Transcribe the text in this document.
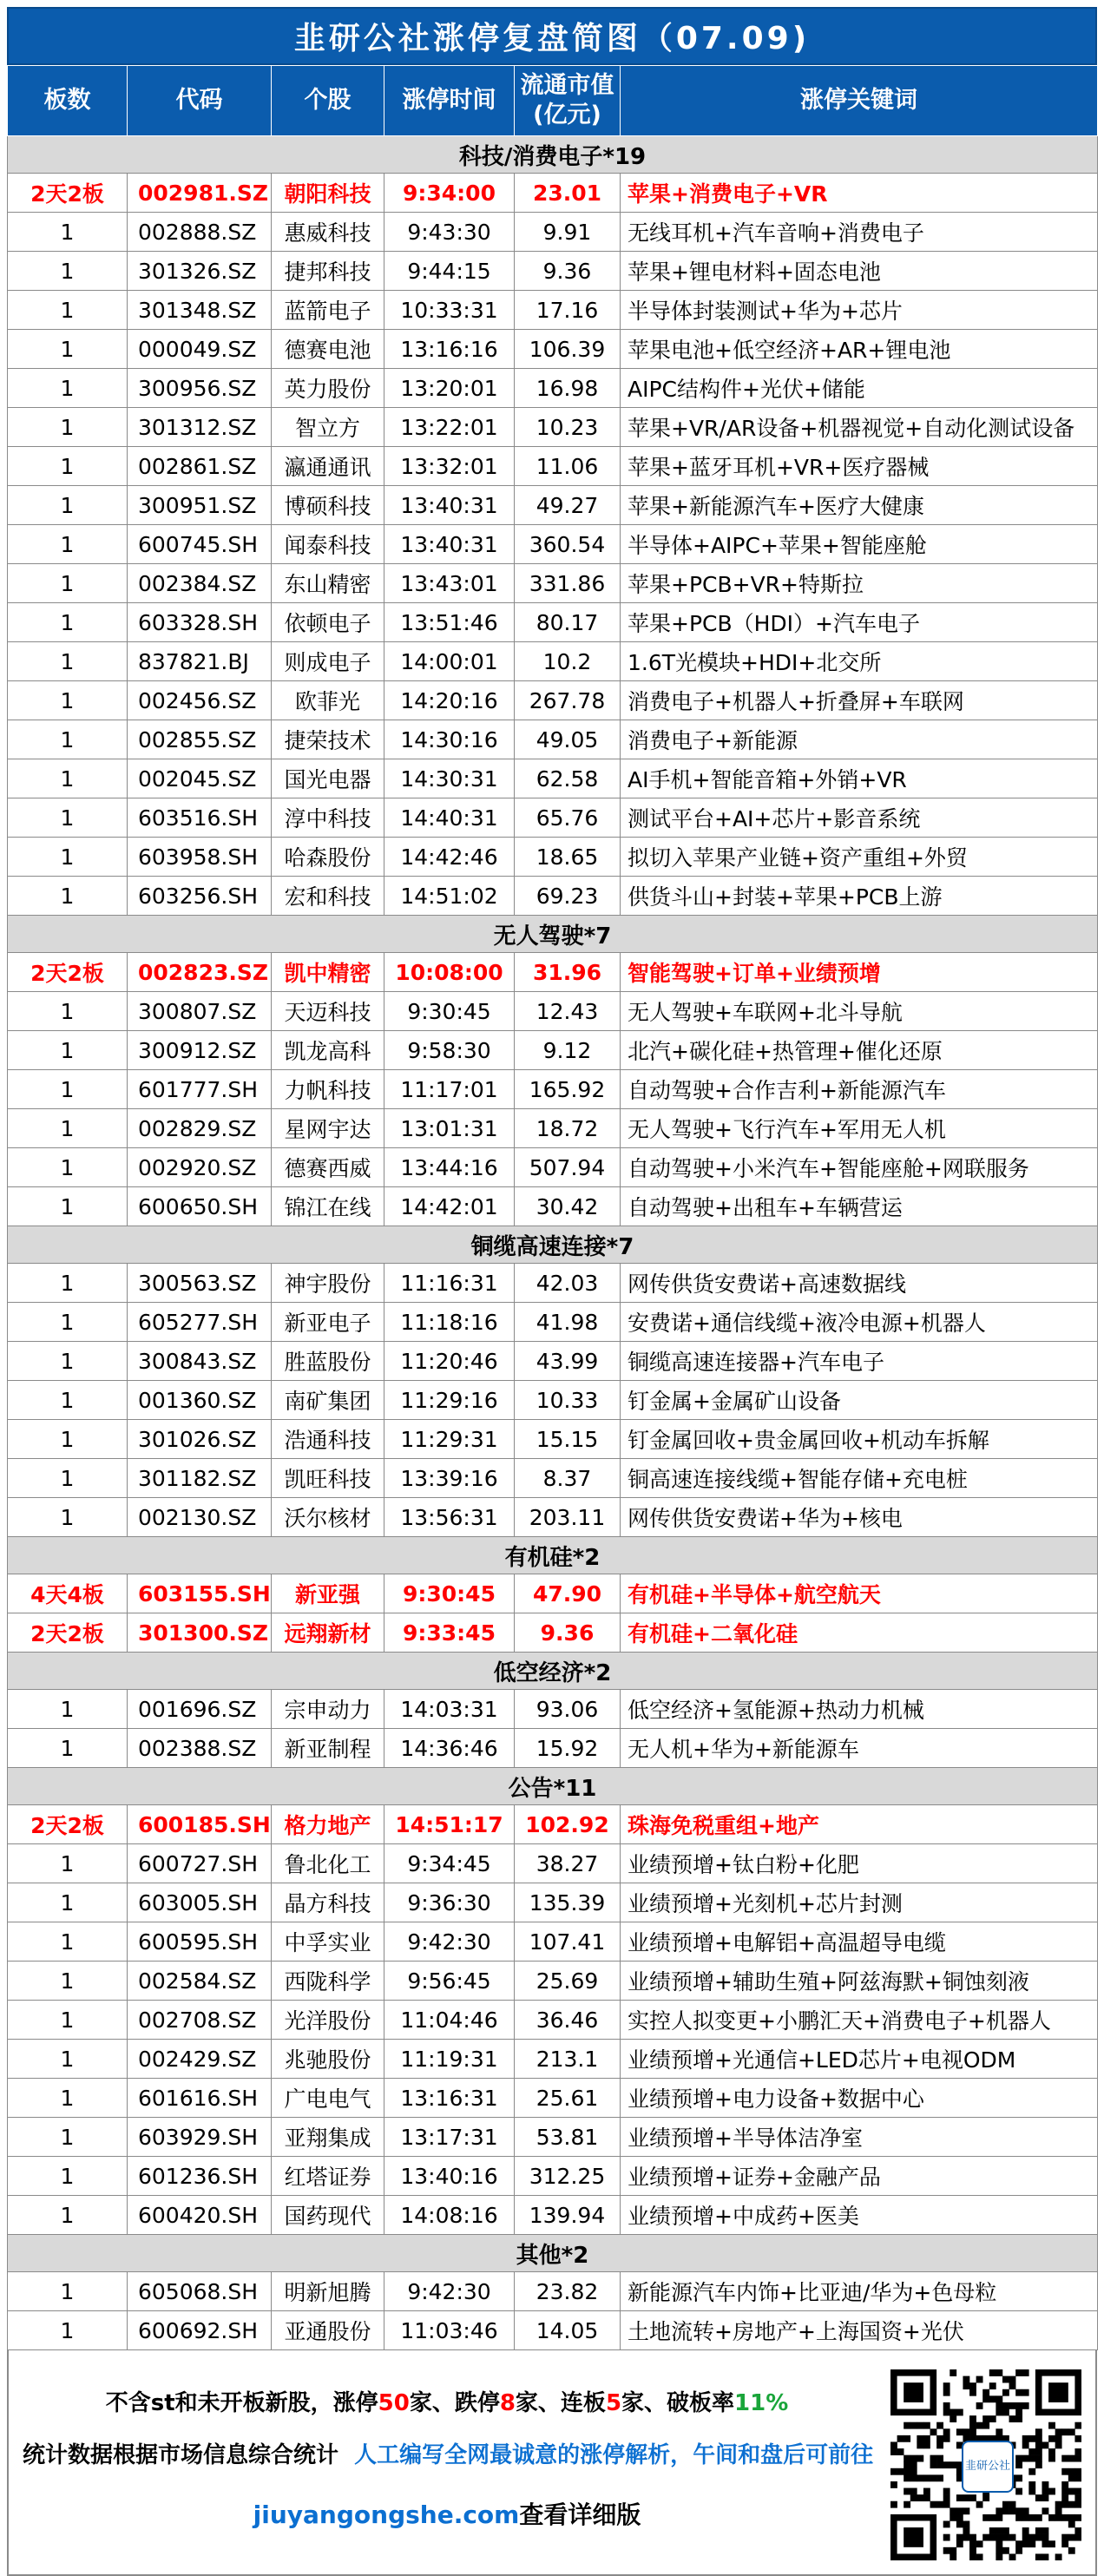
韭研公社涨停复盘简图（07.09)
板数	代码	个股	涨停时间	流通市值
(亿元)	涨停关键词
科技/消费电子*19					
2天2板	002981.SZ	朝阳科技	9:34:00	23.01	苹果+消费电子+VR
1	002888.SZ	惠威科技	9:43:30	9.91	无线耳机+汽车音响+消费电子
1	301326.SZ	捷邦科技	9:44:15	9.36	苹果+锂电材料+固态电池
1	301348.SZ	蓝箭电子	10:33:31	17.16	半导体封装测试+华为+芯片
1	000049.SZ	德赛电池	13:16:16	106.39	苹果电池+低空经济+AR+锂电池
1	300956.SZ	英力股份	13:20:01	16.98	AIPC结构件+光伏+储能
1	301312.SZ	智立方	13:22:01	10.23	苹果+VR/AR设备+机器视觉+自动化测试设备
1	002861.SZ	瀛通通讯	13:32:01	11.06	苹果+蓝牙耳机+VR+医疗器械
1	300951.SZ	博硕科技	13:40:31	49.27	苹果+新能源汽车+医疗大健康
1	600745.SH	闻泰科技	13:40:31	360.54	半导体+AIPC+苹果+智能座舱
1	002384.SZ	东山精密	13:43:01	331.86	苹果+PCB+VR+特斯拉
1	603328.SH	依顿电子	13:51:46	80.17	苹果+PCB（HDI）+汽车电子
1	837821.BJ	则成电子	14:00:01	10.2	1.6T光模块+HDI+北交所
1	002456.SZ	欧菲光	14:20:16	267.78	消费电子+机器人+折叠屏+车联网
1	002855.SZ	捷荣技术	14:30:16	49.05	消费电子+新能源
1	002045.SZ	国光电器	14:30:31	62.58	AI手机+智能音箱+外销+VR
1	603516.SH	淳中科技	14:40:31	65.76	测试平台+AI+芯片+影音系统
1	603958.SH	哈森股份	14:42:46	18.65	拟切入苹果产业链+资产重组+外贸
1	603256.SH	宏和科技	14:51:02	69.23	供货斗山+封装+苹果+PCB上游
无人驾驶*7					
2天2板	002823.SZ	凯中精密	10:08:00	31.96	智能驾驶+订单+业绩预增
1	300807.SZ	天迈科技	9:30:45	12.43	无人驾驶+车联网+北斗导航
1	300912.SZ	凯龙高科	9:58:30	9.12	北汽+碳化硅+热管理+催化还原
1	601777.SH	力帆科技	11:17:01	165.92	自动驾驶+合作吉利+新能源汽车
1	002829.SZ	星网宇达	13:01:31	18.72	无人驾驶+飞行汽车+军用无人机
1	002920.SZ	德赛西威	13:44:16	507.94	自动驾驶+小米汽车+智能座舱+网联服务
1	600650.SH	锦江在线	14:42:01	30.42	自动驾驶+出租车+车辆营运
铜缆高速连接*7					
1	300563.SZ	神宇股份	11:16:31	42.03	网传供货安费诺+高速数据线
1	605277.SH	新亚电子	11:18:16	41.98	安费诺+通信线缆+液冷电源+机器人
1	300843.SZ	胜蓝股份	11:20:46	43.99	铜缆高速连接器+汽车电子
1	001360.SZ	南矿集团	11:29:16	10.33	钉金属+金属矿山设备
1	301026.SZ	浩通科技	11:29:31	15.15	钉金属回收+贵金属回收+机动车拆解
1	301182.SZ	凯旺科技	13:39:16	8.37	铜高速连接线缆+智能存储+充电桩
1	002130.SZ	沃尔核材	13:56:31	203.11	网传供货安费诺+华为+核电
有机硅*2					
4天4板	603155.SH	新亚强	9:30:45	47.90	有机硅+半导体+航空航天
2天2板	301300.SZ	远翔新材	9:33:45	9.36	有机硅+二氧化硅
低空经济*2					
1	001696.SZ	宗申动力	14:03:31	93.06	低空经济+氢能源+热动力机械
1	002388.SZ	新亚制程	14:36:46	15.92	无人机+华为+新能源车
公告*11					
2天2板	600185.SH	格力地产	14:51:17	102.92	珠海免税重组+地产
1	600727.SH	鲁北化工	9:34:45	38.27	业绩预增+钛白粉+化肥
1	603005.SH	晶方科技	9:36:30	135.39	业绩预增+光刻机+芯片封测
1	600595.SH	中孚实业	9:42:30	107.41	业绩预增+电解铝+高温超导电缆
1	002584.SZ	西陇科学	9:56:45	25.69	业绩预增+辅助生殖+阿兹海默+铜蚀刻液
1	002708.SZ	光洋股份	11:04:46	36.46	实控人拟变更+小鹏汇天+消费电子+机器人
1	002429.SZ	兆驰股份	11:19:31	213.1	业绩预增+光通信+LED芯片+电视ODM
1	601616.SH	广电电气	13:16:31	25.61	业绩预增+电力设备+数据中心
1	603929.SH	亚翔集成	13:17:31	53.81	业绩预增+半导体洁净室
1	601236.SH	红塔证券	13:40:16	312.25	业绩预增+证券+金融产品
1	600420.SH	国药现代	14:08:16	139.94	业绩预增+中成药+医美
其他*2					
1	605068.SH	明新旭腾	9:42:30	23.82	新能源汽车内饰+比亚迪/华为+色母粒
1	600692.SH	亚通股份	11:03:46	14.05	土地流转+房地产+上海国资+光伏
不含st和未开板新股，涨停50家、跌停8家、连板5家、破板率11%
统计数据根据市场信息综合统计 人工编写全网最诚意的涨停解析，午间和盘后可前往
jiuyangongshe.com查看详细版
韭研公社
